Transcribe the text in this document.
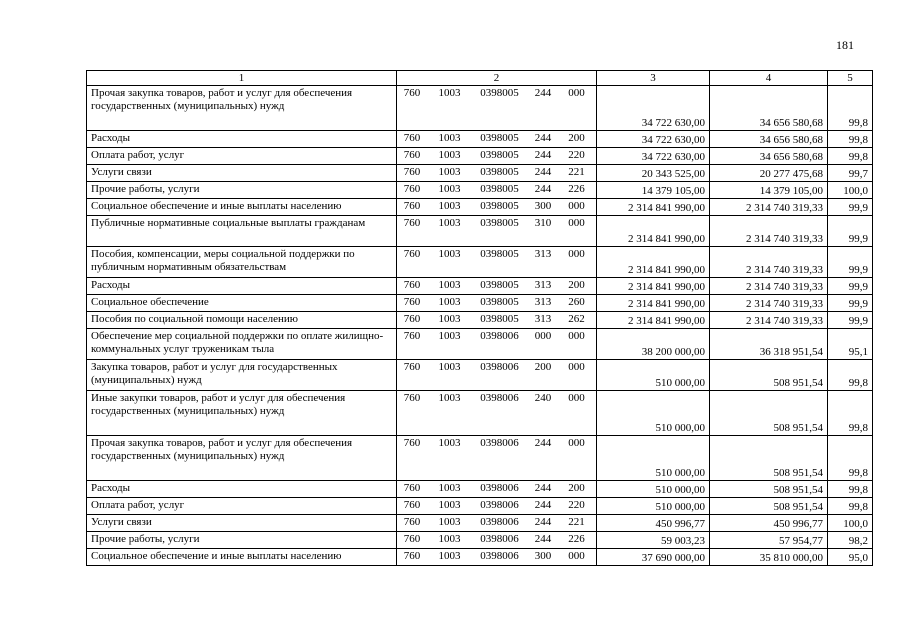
181
1	2	3	4	5
Прочая закупка товаров, работ и услуг для обеспечения государственных (муниципальных) нужд	760 1003 0398005 244 000	34 722 630,00	34 656 580,68	99,8
Расходы	760 1003 0398005 244 200	34 722 630,00	34 656 580,68	99,8
Оплата работ, услуг	760 1003 0398005 244 220	34 722 630,00	34 656 580,68	99,8
Услуги связи	760 1003 0398005 244 221	20 343 525,00	20 277 475,68	99,7
Прочие работы, услуги	760 1003 0398005 244 226	14 379 105,00	14 379 105,00	100,0
Социальное обеспечение и иные выплаты населению	760 1003 0398005 300 000	2 314 841 990,00	2 314 740 319,33	99,9
Публичные нормативные социальные выплаты гражданам	760 1003 0398005 310 000	2 314 841 990,00	2 314 740 319,33	99,9
Пособия, компенсации, меры социальной поддержки по публичным нормативным обязательствам	760 1003 0398005 313 000	2 314 841 990,00	2 314 740 319,33	99,9
Расходы	760 1003 0398005 313 200	2 314 841 990,00	2 314 740 319,33	99,9
Социальное обеспечение	760 1003 0398005 313 260	2 314 841 990,00	2 314 740 319,33	99,9
Пособия по социальной помощи населению	760 1003 0398005 313 262	2 314 841 990,00	2 314 740 319,33	99,9
Обеспечение мер социальной поддержки по оплате жилищно-коммунальных услуг труженикам тыла	760 1003 0398006 000 000	38 200 000,00	36 318 951,54	95,1
Закупка товаров, работ и услуг для государственных (муниципальных) нужд	760 1003 0398006 200 000	510 000,00	508 951,54	99,8
Иные закупки товаров, работ и услуг для обеспечения государственных (муниципальных) нужд	760 1003 0398006 240 000	510 000,00	508 951,54	99,8
Прочая закупка товаров, работ и услуг для обеспечения государственных (муниципальных) нужд	760 1003 0398006 244 000	510 000,00	508 951,54	99,8
Расходы	760 1003 0398006 244 200	510 000,00	508 951,54	99,8
Оплата работ, услуг	760 1003 0398006 244 220	510 000,00	508 951,54	99,8
Услуги связи	760 1003 0398006 244 221	450 996,77	450 996,77	100,0
Прочие работы, услуги	760 1003 0398006 244 226	59 003,23	57 954,77	98,2
Социальное обеспечение и иные выплаты населению	760 1003 0398006 300 000	37 690 000,00	35 810 000,00	95,0
